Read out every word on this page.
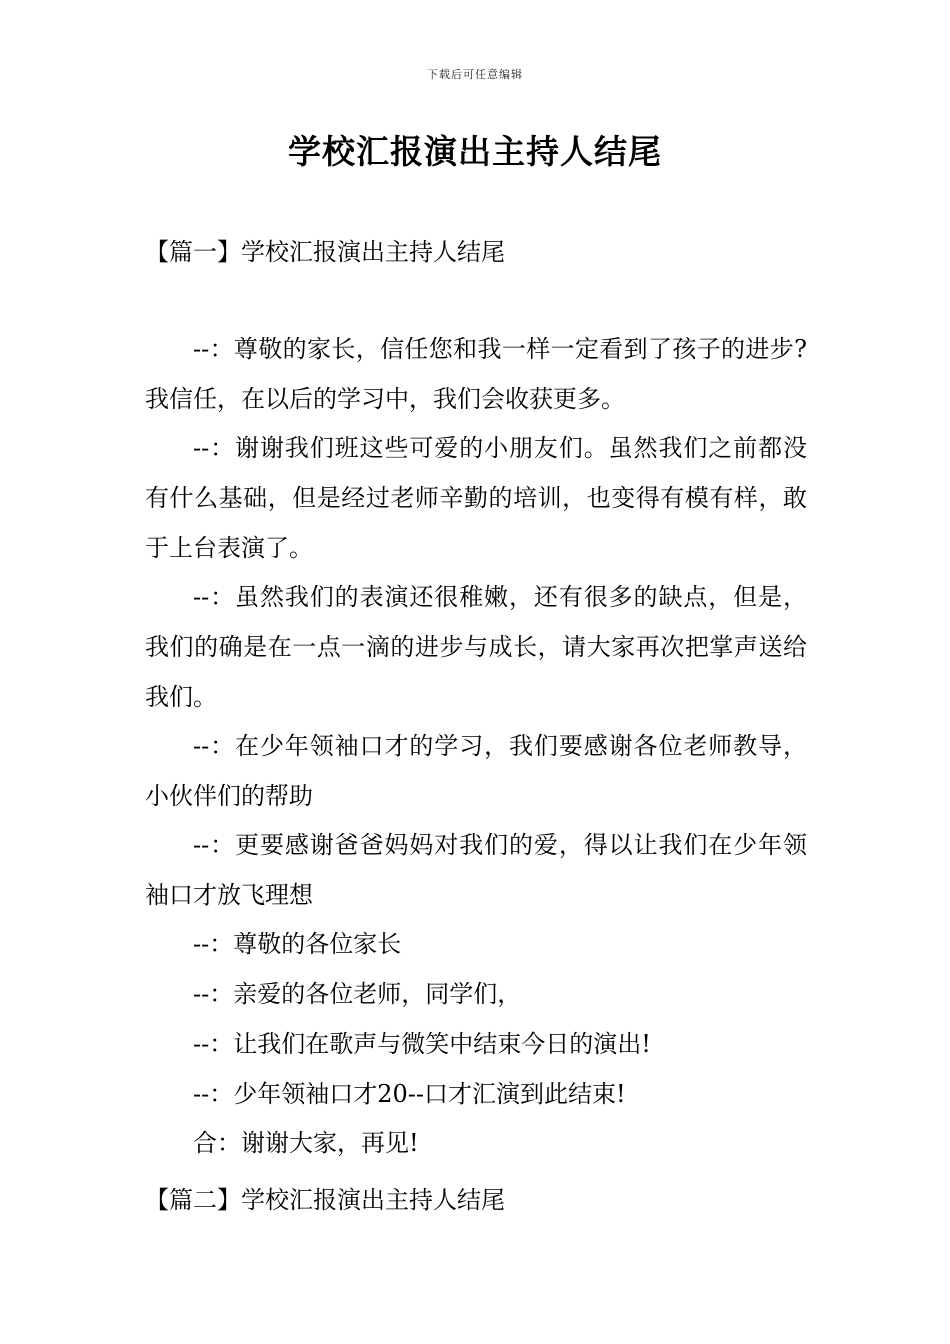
下载后可任意编辑
学校汇报演出主持人结尾

【篇一】学校汇报演出主持人结尾

--：尊敬的家长，信任您和我一样一定看到了孩子的进步?我信任，在以后的学习中，我们会收获更多。

--：谢谢我们班这些可爱的小朋友们。虽然我们之前都没有什么基础，但是经过老师辛勤的培训，也变得有模有样，敢于上台表演了。

--：虽然我们的表演还很稚嫩，还有很多的缺点，但是，我们的确是在一点一滴的进步与成长，请大家再次把掌声送给我们。

--：在少年领袖口才的学习，我们要感谢各位老师教导，小伙伴们的帮助

--：更要感谢爸爸妈妈对我们的爱，得以让我们在少年领袖口才放飞理想

--：尊敬的各位家长

--：亲爱的各位老师，同学们，

--：让我们在歌声与微笑中结束今日的演出!

--：少年领袖口才20--口才汇演到此结束!

合：谢谢大家，再见!

【篇二】学校汇报演出主持人结尾
